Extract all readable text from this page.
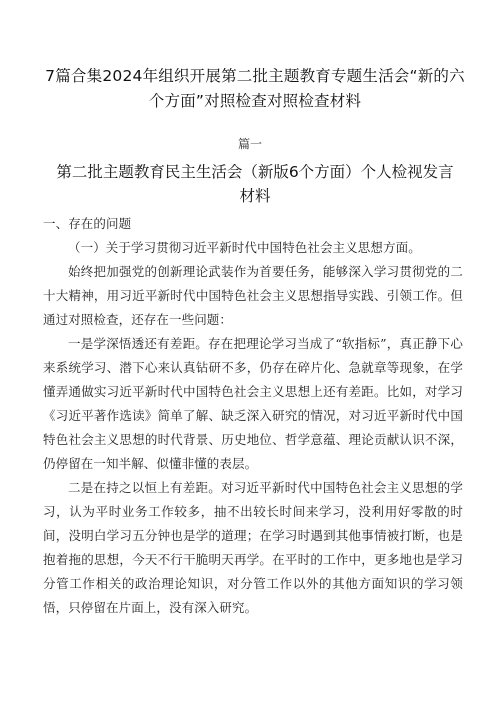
7篇合集2024年组织开展第二批主题教育专题生活会“新的六个方面”对照检查对照检查材料
篇一
第二批主题教育民主生活会（新版6个方面）个人检视发言材料

一、存在的问题

（一）关于学习贯彻习近平新时代中国特色社会主义思想方面。

始终把加强党的创新理论武装作为首要任务，能够深入学习贯彻党的二十大精神，用习近平新时代中国特色社会主义思想指导实践、引领工作。但通过对照检查，还存在一些问题：

一是学深悟透还有差距。存在把理论学习当成了“软指标”，真正静下心来系统学习、潜下心来认真钻研不多，仍存在碎片化、急就章等现象，在学懂弄通做实习近平新时代中国特色社会主义思想上还有差距。比如，对学习《习近平著作选读》简单了解、缺乏深入研究的情况，对习近平新时代中国特色社会主义思想的时代背景、历史地位、哲学意蕴、理论贡献认识不深，仍停留在一知半解、似懂非懂的表层。

二是在持之以恒上有差距。对习近平新时代中国特色社会主义思想的学习，认为平时业务工作较多，抽不出较长时间来学习，没利用好零散的时间，没明白学习五分钟也是学的道理；在学习时遇到其他事情被打断，也是抱着拖的思想，今天不行干脆明天再学。在平时的工作中，更多地也是学习分管工作相关的政治理论知识，对分管工作以外的其他方面知识的学习领悟，只停留在片面上，没有深入研究。
